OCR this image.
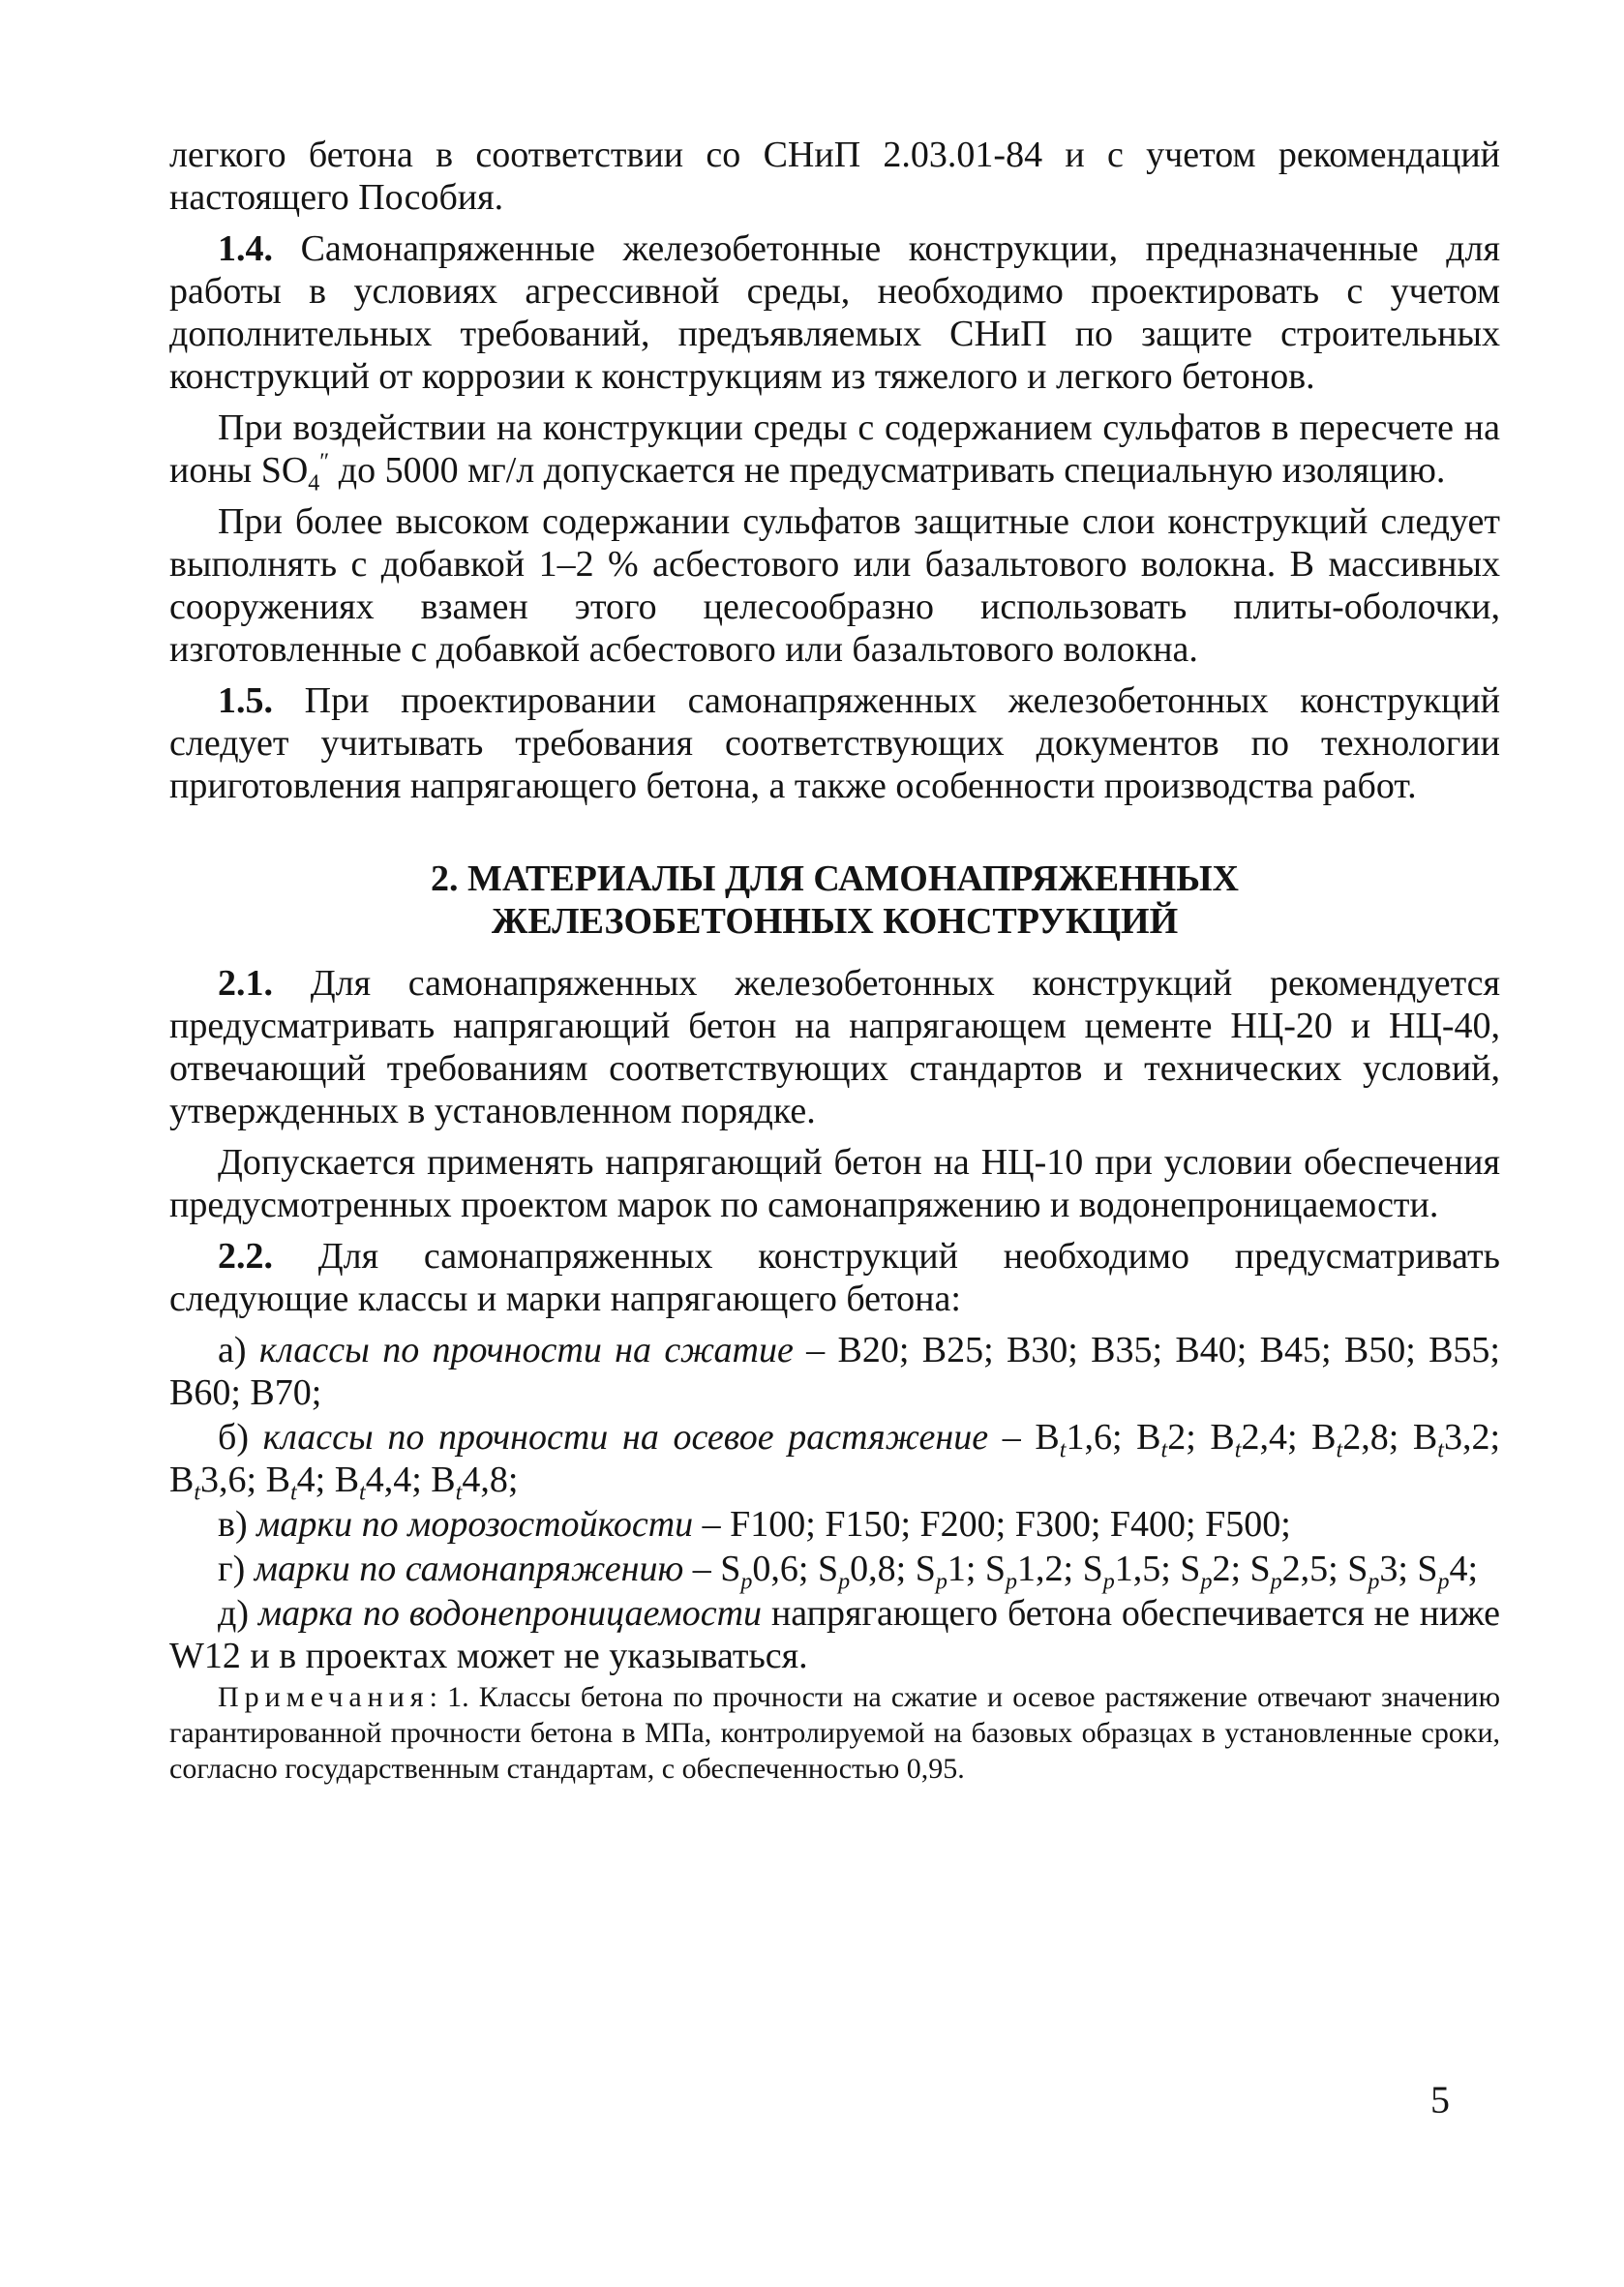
легкого бетона в соответствии со СНиП 2.03.01-84 и с учетом рекомендаций настоящего Пособия.

1.4. Самонапряженные железобетонные конструкции, предназначенные для работы в условиях агрессивной среды, необходимо проектировать с учетом дополнительных требований, предъявляемых СНиП по защите строительных конструкций от коррозии к конструкциям из тяжелого и легкого бетонов.

При воздействии на конструкции среды с содержанием сульфатов в пересчете на ионы $SO_4''$ до 5000 мг/л допускается не предусматривать специальную изоляцию.

При более высоком содержании сульфатов защитные слои конструкций следует выполнять с добавкой 1–2 % асбестового или базальтового волокна. В массивных сооружениях взамен этого целесообразно использовать плиты-оболочки, изготовленные с добавкой асбестового или базальтового волокна.

1.5. При проектировании самонапряженных железобетонных конструкций следует учитывать требования соответствующих документов по технологии приготовления напрягающего бетона, а также особенности производства работ.

2. МАТЕРИАЛЫ ДЛЯ САМОНАПРЯЖЕННЫХ
ЖЕЛЕЗОБЕТОННЫХ КОНСТРУКЦИЙ

2.1. Для самонапряженных железобетонных конструкций рекомендуется предусматривать напрягающий бетон на напрягающем цементе НЦ-20 и НЦ-40, отвечающий требованиям соответствующих стандартов и технических условий, утвержденных в установленном порядке.

Допускается применять напрягающий бетон на НЦ-10 при условии обеспечения предусмотренных проектом марок по самонапряжению и водонепроницаемости.

2.2. Для самонапряженных конструкций необходимо предусматривать следующие классы и марки напрягающего бетона:

а) классы по прочности на сжатие – В20; В25; В30; В35; В40; В45; В50; В55; В60; В70;

б) классы по прочности на осевое растяжение – $В_t1,6$; $В_t2$; $В_t2,4$; $В_t2,8$; $В_t3,2$; $В_t3,6$; $В_t4$; $В_t4,4$; $В_t4,8$;

в) марки по морозостойкости – F100; F150; F200; F300; F400; F500;

г) марки по самонапряжению – $S_p0,6$; $S_p0,8$; $S_p1$; $S_p1,2$; $S_p1,5$; $S_p2$; $S_p2,5$; $S_p3$; $S_p4$;

д) марка по водонепроницаемости напрягающего бетона обеспечивается не ниже W12 и в проектах может не указываться.

Примечания: 1. Классы бетона по прочности на сжатие и осевое растяжение отвечают значению гарантированной прочности бетона в МПа, контролируемой на базовых образцах в установленные сроки, согласно государственным стандартам, с обеспеченностью 0,95.

5
